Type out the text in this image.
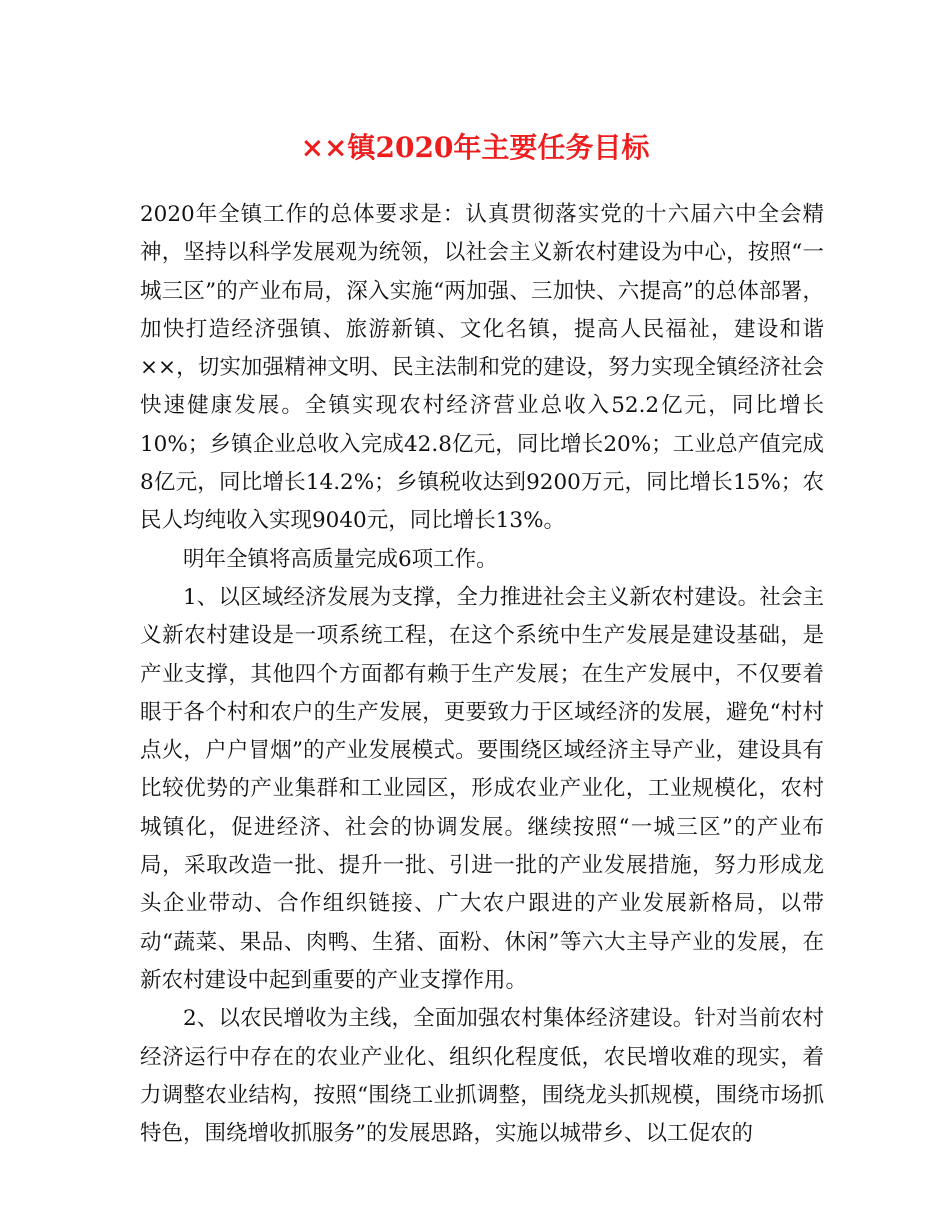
××镇2020年主要任务目标

2020年全镇工作的总体要求是：认真贯彻落实党的十六届六中全会精神，坚持以科学发展观为统领，以社会主义新农村建设为中心，按照“一城三区”的产业布局，深入实施“两加强、三加快、六提高”的总体部署，加快打造经济强镇、旅游新镇、文化名镇，提高人民福祉，建设和谐××，切实加强精神文明、民主法制和党的建设，努力实现全镇经济社会快速健康发展。全镇实现农村经济营业总收入52.2亿元，同比增长10%；乡镇企业总收入完成42.8亿元，同比增长20%；工业总产值完成8亿元，同比增长14.2%；乡镇税收达到9200万元，同比增长15%；农民人均纯收入实现9040元，同比增长13%。

明年全镇将高质量完成6项工作。

1、以区域经济发展为支撑，全力推进社会主义新农村建设。社会主义新农村建设是一项系统工程，在这个系统中生产发展是建设基础，是产业支撑，其他四个方面都有赖于生产发展；在生产发展中，不仅要着眼于各个村和农户的生产发展，更要致力于区域经济的发展，避免“村村点火，户户冒烟”的产业发展模式。要围绕区域经济主导产业，建设具有比较优势的产业集群和工业园区，形成农业产业化，工业规模化，农村城镇化，促进经济、社会的协调发展。继续按照“一城三区”的产业布局，采取改造一批、提升一批、引进一批的产业发展措施，努力形成龙头企业带动、合作组织链接、广大农户跟进的产业发展新格局，以带动“蔬菜、果品、肉鸭、生猪、面粉、休闲”等六大主导产业的发展，在新农村建设中起到重要的产业支撑作用。

2、以农民增收为主线，全面加强农村集体经济建设。针对当前农村经济运行中存在的农业产业化、组织化程度低，农民增收难的现实，着力调整农业结构，按照“围绕工业抓调整，围绕龙头抓规模，围绕市场抓特色，围绕增收抓服务”的发展思路，实施以城带乡、以工促农的
